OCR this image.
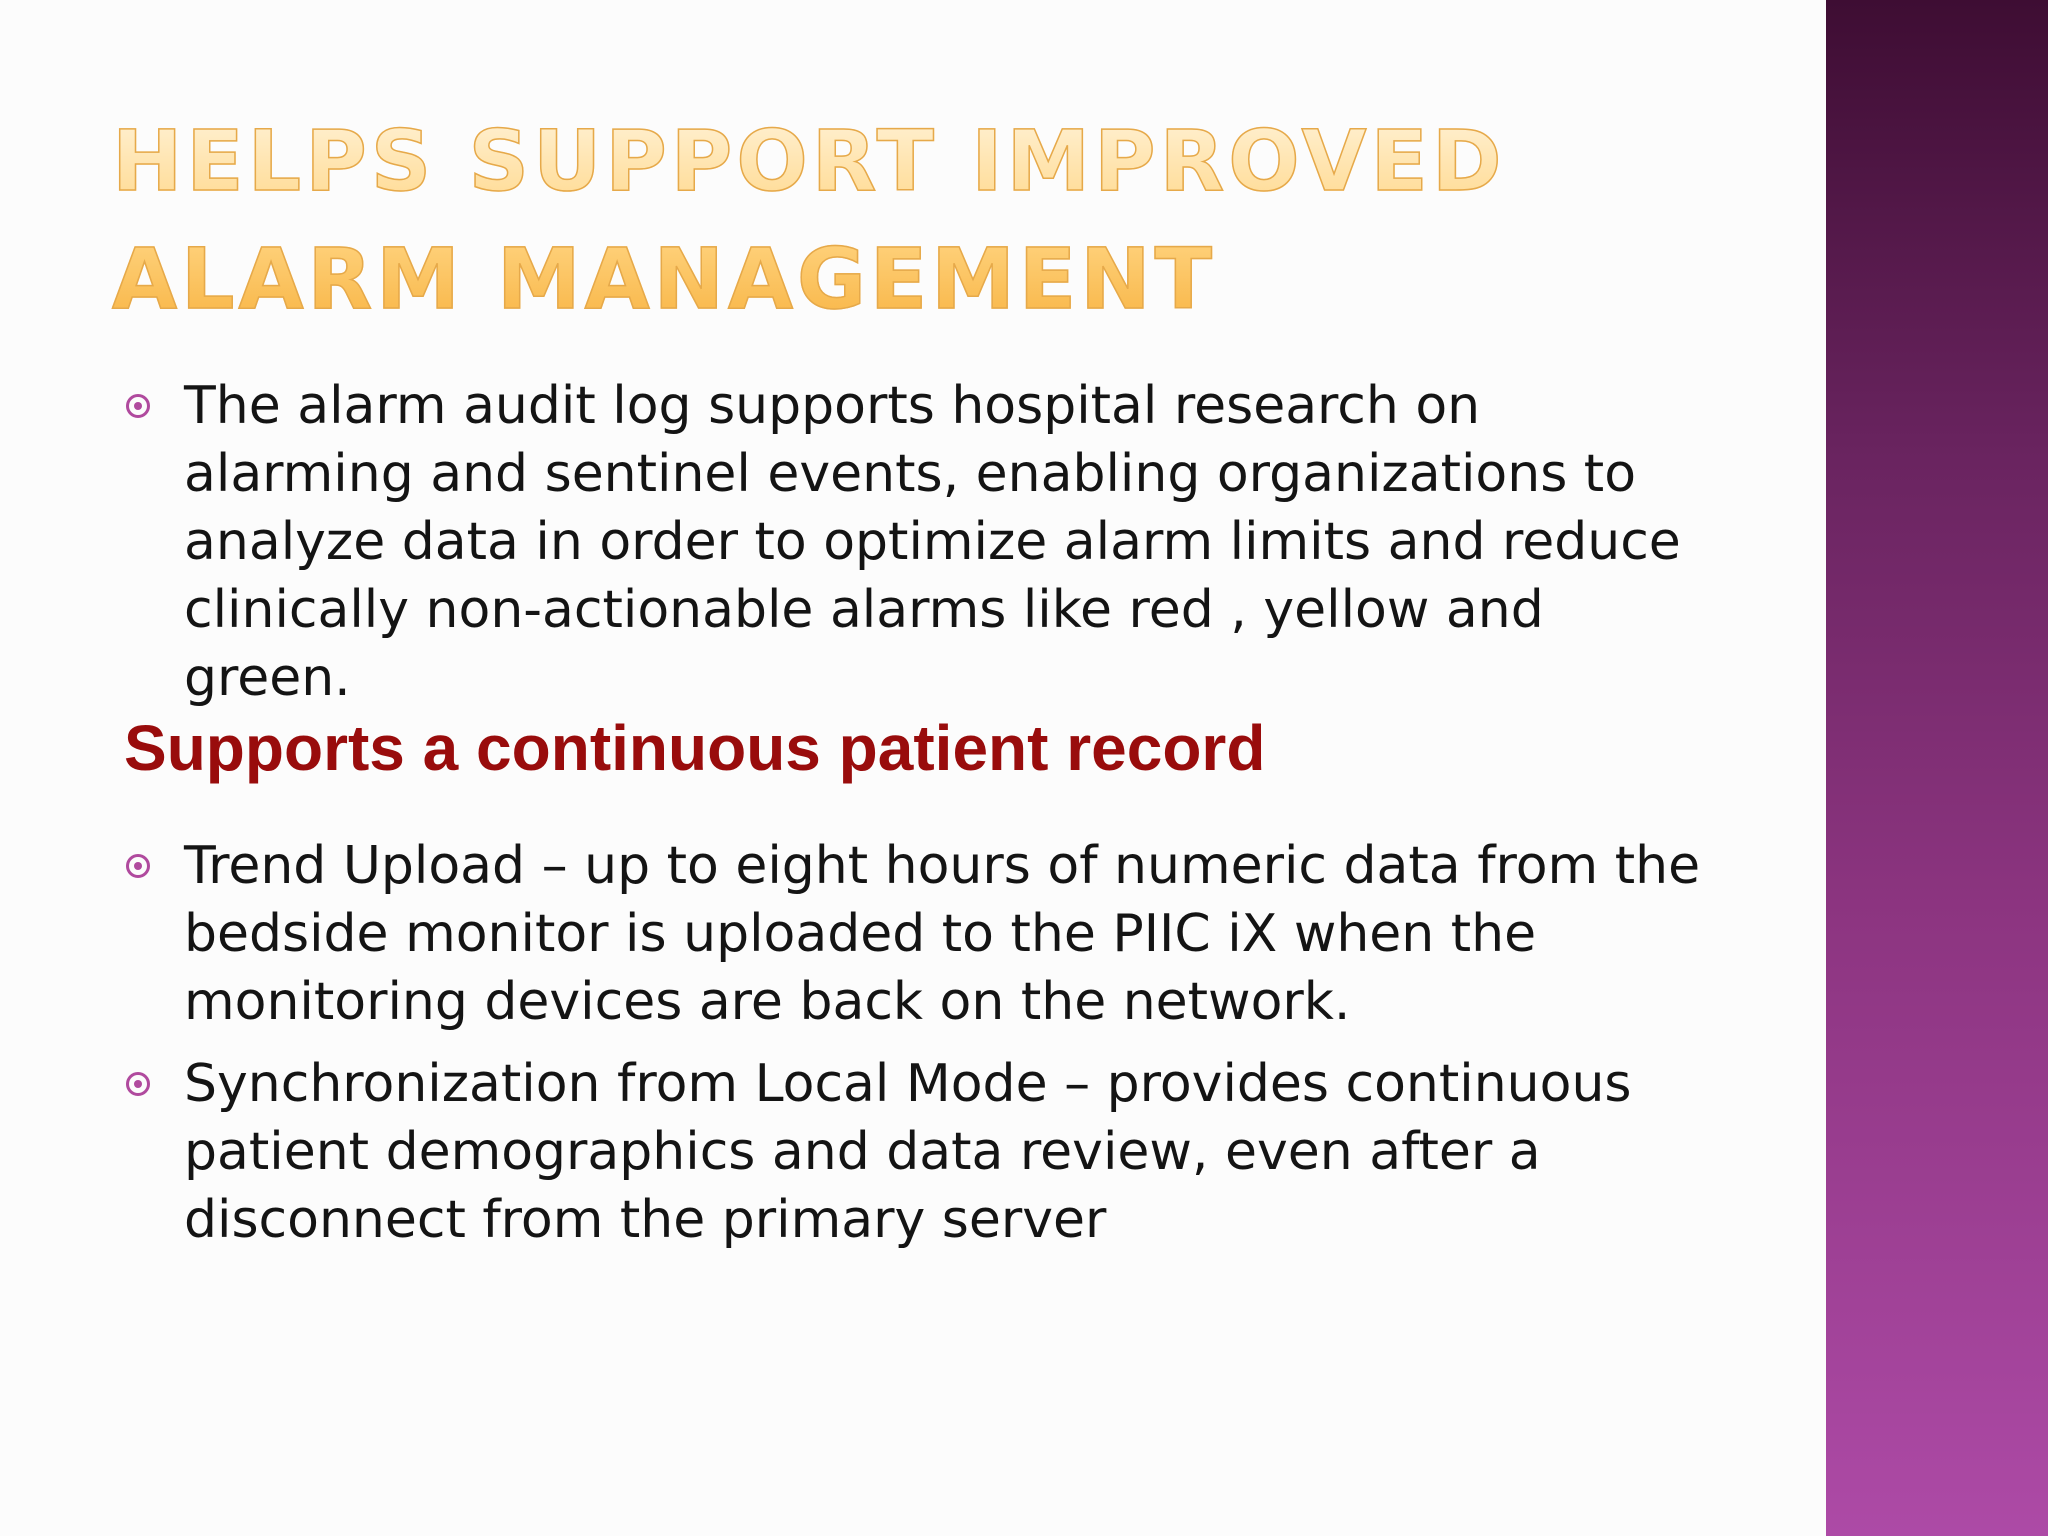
HELPS SUPPORT IMPROVED ALARM MANAGEMENT
The alarm audit log supports hospital research on alarming and sentinel events, enabling organizations to analyze data in order to optimize alarm limits and reduce clinically non-actionable alarms like red , yellow and green.
Supports a continuous patient record
Trend Upload – up to eight hours of numeric data from the bedside monitor is uploaded to the PIIC iX when the monitoring devices are back on the network.
Synchronization from Local Mode – provides continuous patient demographics and data review, even after a disconnect from the primary server
